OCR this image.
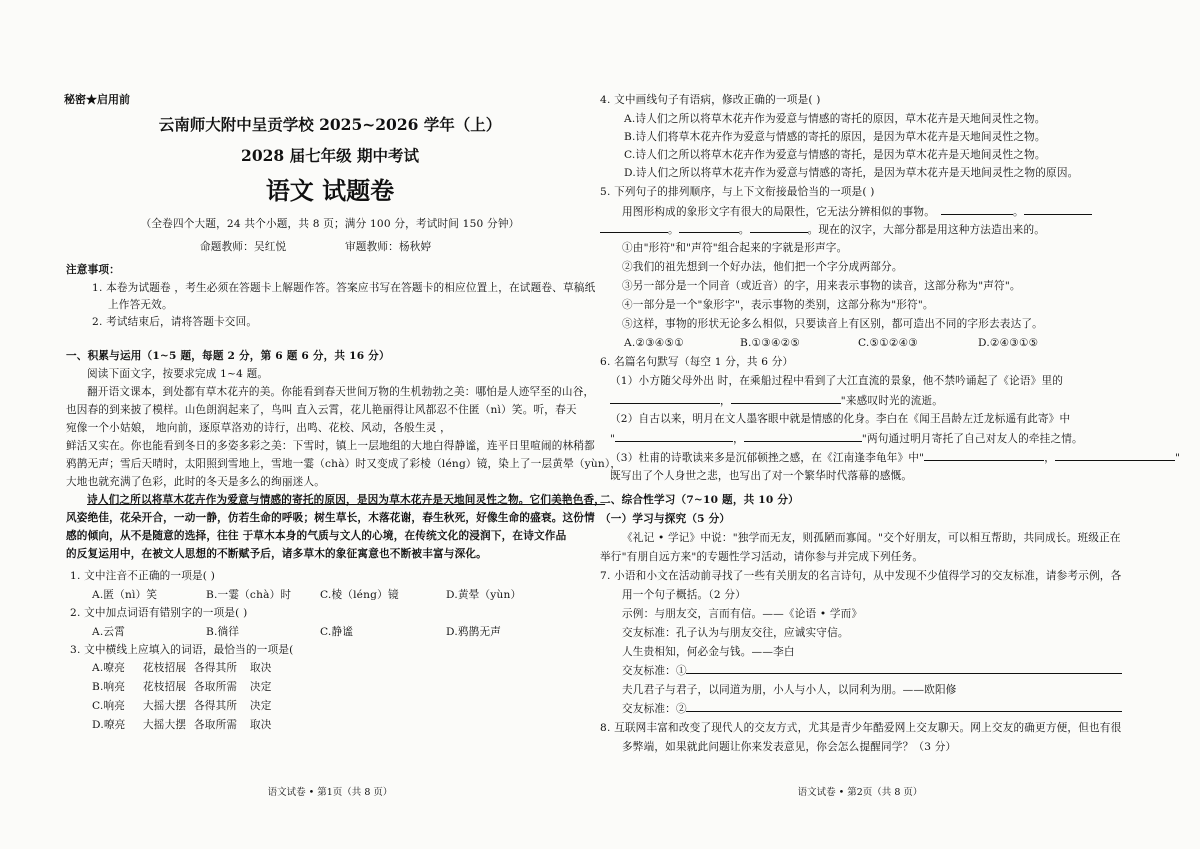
秘密★启用前
云南师大附中呈贡学校 2025~2026 学年（上）
2028 届七年级 期中考试
语文 试题卷
（全卷四个大题，24 共个小题，共 8 页；满分 100 分，考试时间 150 分钟）
命题教师：吴红悦	审题教师：杨秋婷
注意事项：
1. 本卷为试题卷 ，考生必须在答题卡上解题作答。答案应书写在答题卡的相应位置上，在试题卷、草稿纸
上作答无效。
2. 考试结束后，请将答题卡交回。
一、积累与运用（1~5 题，每题 2 分，第 6 题 6 分，共 16 分）
阅读下面文字，按要求完成 1~4 题。
翻开语文课本，到处都有草木花卉的美。你能看到春天世间万物的生机勃勃之美：哪怕是人迹罕至的山谷，
也因春的到来披了模样。山色朗润起来了，鸟叫 直入云霄，花儿艳丽得让风都忍不住匿（nì）笑。听，春天
宛像一个小姑娘， 地向前，逐原草洛劝的诗行，出鸣、花校、风动，各般生灵 ，
鲜活又实在。你也能看到冬日的多姿多彩之美：下雪时，镇上一层地组的大地白得静谧，连平日里喧闹的林稍都
鸦鹊无声；雪后天晴时，太阳照到雪地上，雪地一霎（chà）时又变成了彩棱（léng）镜，染上了一层黄晕（yùn），
大地也就充满了色彩，此时的冬天是多么的绚丽迷人。
诗人们之所以将草木花卉作为爱意与情感的寄托的原因，是因为草木花卉是天地间灵性之物。它们美艳色香，
风姿绝佳，花朵开合，一动一静，仿若生命的呼吸；树生草长，木落花谢，春生秋死，好像生命的盛衰。这份情
感的倾向，从不是随意的选择，往往 于草木本身的气质与文人的心境，在传统文化的浸润下，在诗文作品
的反复运用中，在被文人思想的不断赋予后，诸多草木的象征寓意也不断被丰富与深化。
1. 文中注音不正确的一项是( )
A.匿（nì）笑	B.一霎（chà）时	C.棱（léng）镜	D.黄晕（yùn）
2. 文中加点词语有错别字的一项是( )
A.云霄	B.徜徉	C.静谧	D.鸦鹊无声
3. 文中横线上应填入的词语，最恰当的一项是(
A.嘹亮 花枝招展 各得其所 取决
B.响亮 花枝招展 各取所需 决定
C.响亮 大摇大摆 各得其所 决定
D.嘹亮 大摇大摆 各取所需 取决
语文试卷 • 第1页（共 8 页）
4. 文中画线句子有语病，修改正确的一项是( )
A.诗人们之所以将草木花卉作为爱意与情感的寄托的原因，草木花卉是天地间灵性之物。
B.诗人们将草木花卉作为爱意与情感的寄托的原因，是因为草木花卉是天地间灵性之物。
C.诗人们之所以将草木花卉作为爱意与情感的寄托，是因为草木花卉是天地间灵性之物。
D.诗人们之所以将草木花卉作为爱意与情感的寄托，是因为草木花卉是天地间灵性之物的原因。
5. 下列句子的排列顺序，与上下文衔接最恰当的一项是( )
用图形构成的象形文字有很大的局限性，它无法分辨相似的事物。	。
。	。	。现在的汉字，大部分都是用这种方法造出来的。
①由"形符"和"声符"组合起来的字就是形声字。
②我们的祖先想到一个好办法，他们把一个字分成两部分。
③另一部分是一个同音（或近音）的字，用来表示事物的读音，这部分称为"声符"。
④一部分是一个"象形字"，表示事物的类别，这部分称为"形符"。
⑤这样，事物的形状无论多么相似，只要读音上有区别，都可造出不同的字形去表达了。
A.②③④⑤①	B.①③④②⑤	C.⑤①②④③	D.②④③①⑤
6. 名篇名句默写（每空 1 分，共 6 分）
（1）小方随父母外出 时，在乘船过程中看到了大江直流的景象，他不禁吟诵起了《论语》里的
，	"来感叹时光的流逝。
（2）自古以来，明月在文人墨客眼中就是情感的化身。李白在《闻王昌龄左迁龙标遥有此寄》中
"	，	"两句通过明月寄托了自己对友人的牵挂之情。
（3）杜甫的诗歌读来多是沉郁顿挫之感，在《江南逢李龟年》中"	，	"
既写出了个人身世之悲，也写出了对一个繁华时代落幕的感慨。
二、综合性学习（7~10 题，共 10 分）
（一）学习与探究（5 分）
《礼记 • 学记》中说："独学而无友，则孤陋而寡闻。"交个好朋友，可以相互帮助，共同成长。班级正在
举行"有朋自远方来"的专题性学习活动，请你参与并完成下列任务。
7. 小语和小文在活动前寻找了一些有关朋友的名言诗句，从中发现不少值得学习的交友标准，请参考示例，各
用一个句子概括。（2 分）
示例：与朋友交，言而有信。——《论语 • 学而》
交友标准：孔子认为与朋友交往，应诚实守信。
人生贵相知，何必金与钱。——李白
交友标准：①
夫几君子与君子，以同道为朋，小人与小人，以同利为朋。——欧阳修
交友标准：②
8. 互联网丰富和改变了现代人的交友方式，尤其是青少年酷爱网上交友聊天。网上交友的确更方便，但也有很
多弊端，如果就此问题让你来发表意见，你会怎么提醒同学？（3 分）
语文试卷 • 第2页（共 8 页）
